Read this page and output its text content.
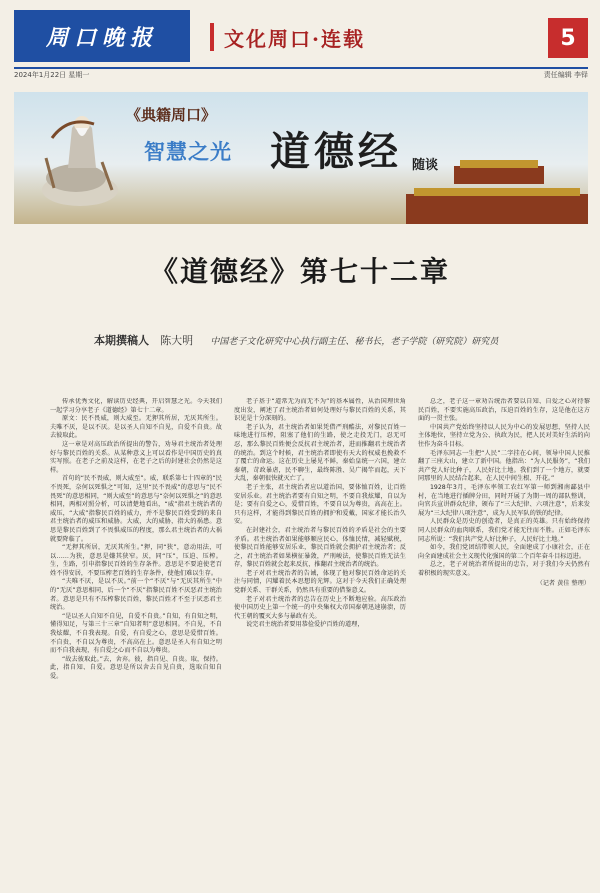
周口晚报	文化周口·连载	5
2024年1月22日 星期一	责任编辑 李铎
《典籍周口》
智慧之光 道德经 随谈
《道德经》第七十二章
本期撰稿人 陈大明 中国老子文化研究中心执行副主任、秘书长，老子学院（研究院）研究员

传承优秀文化，解读历史经典，开启智慧之光。今天我们一起学习分享老子《道德经》第七十二章。

原文：民不畏威，则大威至。无狎其所居，无厌其所生。夫唯不厌，是以不厌。是以圣人自知不自见，自爱不自贵。故去彼取此。

这一章是对高压政治所提出的警告，劝导君主统治者处理好与黎民百姓的关系。从某种意义上可以看作是中国历史的真实写照。在老子之前及这样，在老子之后的封建社会仍然是这样。

首句的“民不畏威，则大威至”。威，联系第七十四章的“民不畏死，奈何以死惧之”可知，这里“民不畏威”的意思与“民不畏死”的意思相同，“则大威至”的意思与“奈何以死惧之”的意思相同，两相对照分析，可以清楚地看出，“威”指君主统治者的威压，“大威”指黎民百姓的威力，并不是黎民百姓受到的来自君主统治者的威压和威胁。大威，大的威胁，指大的祸患。意思是黎民百姓到了不畏惧威压的程度，那么君主统治者的大祸就要降临了。

“无狎其所居，无厌其所生。”狎，同“狭”，意动用法，可以……为狭，意思是嫌其狭窄。厌，同“压”，压迫、压榨。生，生路，引申指黎民百姓的生存条件。意思是不要迫使老百姓不得安居，不要压榨老百姓的生存条件，使他们难以生存。

“夫唯不厌，是以不厌。”前一个“不厌”与“无厌其所生”中的“无厌”意思相同，后一个“不厌”指黎民百姓不厌恶君主统治者。意思是只有不压榨黎民百姓，黎民百姓才不至于厌恶君主统治。

“是以圣人自知不自见，自爱不自贵。”自知，有自知之明，懂得知足，与第三十三章“自知者明”意思相同。不自见，不自我炫耀，不自我表现。自爱，有自爱之心，意思是爱惜百姓。不自贵，不自以为尊贵，不高高在上。意思是圣人有自知之明而不自我表现，有自爱之心而不自以为尊贵。

“故去彼取此。”去，舍弃。彼，指自见、自贵。取，保持。此，指自知、自爱。意思是所以舍去自见自贵，选取自知自爱。

老子基于“道常无为而无不为”的基本属性，从治国理世角度出发，阐述了君主统治者如何处理好与黎民百姓的关系，其识见是十分深刻的。

老子认为，君主统治者如果凭借严刑酷法，对黎民百姓一味地进行压榨，阻塞了他们的生路，使之走投无门，忍无可忍，那么黎民百姓便会反抗君主统治者，进而推翻君主统治者的统治。到这个时候，君主统治者即使有天大的权威也挽救不了覆亡的命运。这在历史上屡见不鲜，秦始皇统一六国，建立秦朝，苛政暴虐，民不聊生，最终陈胜、吴广揭竿而起，天下大乱，秦朝很快就灭亡了。

老子主张，君主统治者应以道治国，要体恤百姓，让百姓安居乐业。君主统治者要有自知之明，不要自我炫耀，自以为是；要有自爱之心，爱惜百姓，不要自以为尊贵，高高在上。只有这样，才能得到黎民百姓的拥护和爱戴，国家才能长治久安。

在封建社会，君主统治者与黎民百姓的矛盾是社会的主要矛盾。君主统治者如果能够顺应民心，体恤民情，减轻赋税，使黎民百姓能够安居乐业，黎民百姓就会拥护君主统治者；反之，君主统治者如果横征暴敛，严刑峻法，使黎民百姓无法生存，黎民百姓就会起来反抗，推翻君主统治者的统治。

老子对君主统治者的告诫，体现了他对黎民百姓命运的关注与同情，闪耀着民本思想的光辉。这对于今天我们正确处理党群关系、干群关系，仍然具有重要的借鉴意义。

老子对君主统治者的忠告在历史上不断地应验。高压政治使中国历史上第一个统一的中央集权大帝国秦朝迅速崩溃，历代王朝的覆灭大多与暴政有关。

说完君主统治者要用恭俭爱护百姓的道理，

总之，老子这一章劝告统治者要以自知、自爱之心对待黎民百姓，不要实施高压政治，压迫百姓的生存，这是他在这方面的一贯主张。

中国共产党始终坚持以人民为中心的发展思想，坚持人民主体地位，坚持立党为公、执政为民，把人民对美好生活的向往作为奋斗目标。

毛泽东同志一生把“人民”二字挂在心间，领导中国人民推翻了三座大山，建立了新中国。他指出：“为人民服务”，“我们共产党人好比种子，人民好比土地。我们到了一个地方，就要同那里的人民结合起来，在人民中间生根、开花。”

1928年3月，毛泽东率领工农红军第一师到湘南酃县中村，在当地进行插牌分田，同时开展了为期一周的部队整训，向官兵宣讲群众纪律，颁布了“三大纪律、六项注意”，后来发展为“三大纪律八项注意”，成为人民军队的铁的纪律。

人民群众是历史的创造者，是真正的英雄。只有始终保持同人民群众的血肉联系，我们党才能无往而不胜。正如毛泽东同志所说：“我们共产党人好比种子，人民好比土地。”

如今，我们党团结带领人民，全面建成了小康社会，正在向全面建成社会主义现代化强国的第二个百年奋斗目标迈进。

总之，老子对统治者所提出的忠告，对于我们今天仍然有着积极的现实意义。

（记者 黄佳 整理）
